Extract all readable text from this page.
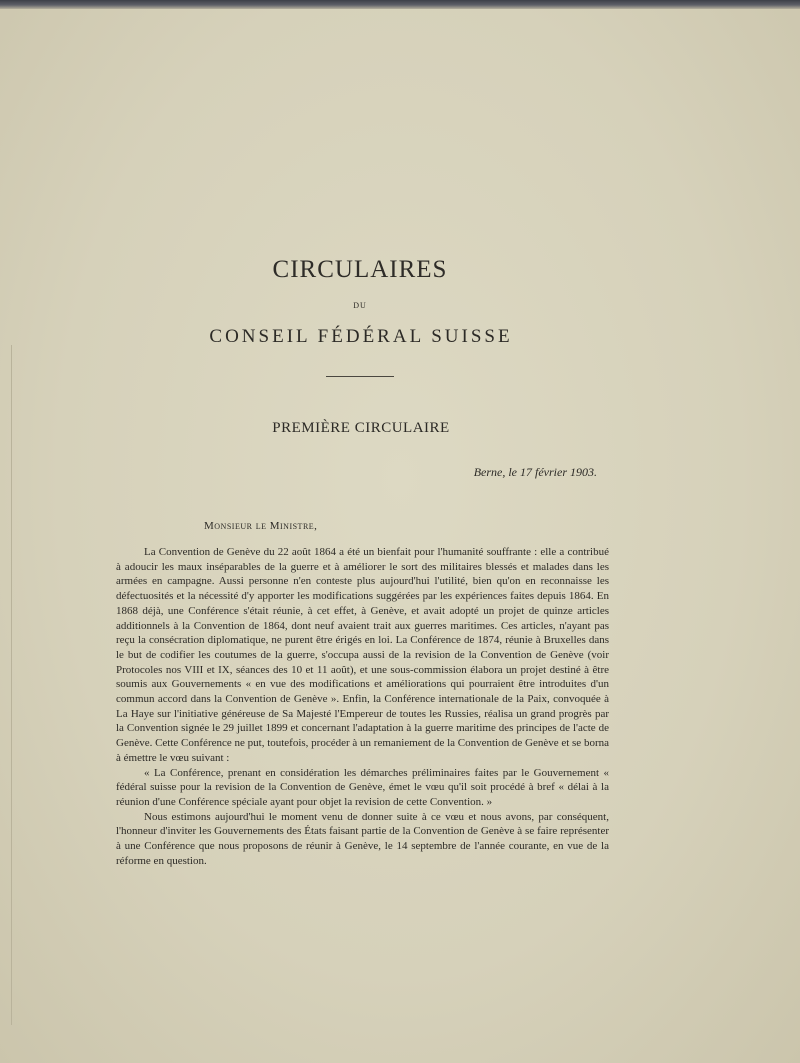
CIRCULAIRES
DU
CONSEIL FÉDÉRAL SUISSE
PREMIÈRE CIRCULAIRE
Berne, le 17 février 1903.
Monsieur le Ministre,

La Convention de Genève du 22 août 1864 a été un bienfait pour l'humanité souffrante : elle a contribué à adoucir les maux inséparables de la guerre et à améliorer le sort des militaires blessés et malades dans les armées en campagne. Aussi personne n'en conteste plus aujourd'hui l'utilité, bien qu'on en reconnaisse les défectuosités et la nécessité d'y apporter les modifications suggérées par les expériences faites depuis 1864. En 1868 déjà, une Conférence s'était réunie, à cet effet, à Genève, et avait adopté un projet de quinze articles additionnels à la Convention de 1864, dont neuf avaient trait aux guerres maritimes. Ces articles, n'ayant pas reçu la consécration diplomatique, ne purent être érigés en loi. La Conférence de 1874, réunie à Bruxelles dans le but de codifier les coutumes de la guerre, s'occupa aussi de la revision de la Convention de Genève (voir Protocoles nos VIII et IX, séances des 10 et 11 août), et une sous-commission élabora un projet destiné à être soumis aux Gouvernements « en vue des modifications et améliorations qui pourraient être introduites d'un commun accord dans la Convention de Genève ». Enfin, la Conférence internationale de la Paix, convoquée à La Haye sur l'initiative généreuse de Sa Majesté l'Empereur de toutes les Russies, réalisa un grand progrès par la Convention signée le 29 juillet 1899 et concernant l'adaptation à la guerre maritime des principes de l'acte de Genève. Cette Conférence ne put, toutefois, procéder à un remaniement de la Convention de Genève et se borna à émettre le vœu suivant :

« La Conférence, prenant en considération les démarches préliminaires faites par le Gouvernement « fédéral suisse pour la revision de la Convention de Genève, émet le vœu qu'il soit procédé à bref « délai à la réunion d'une Conférence spéciale ayant pour objet la revision de cette Convention. »

Nous estimons aujourd'hui le moment venu de donner suite à ce vœu et nous avons, par conséquent, l'honneur d'inviter les Gouvernements des États faisant partie de la Convention de Genève à se faire représenter à une Conférence que nous proposons de réunir à Genève, le 14 septembre de l'année courante, en vue de la réforme en question.
